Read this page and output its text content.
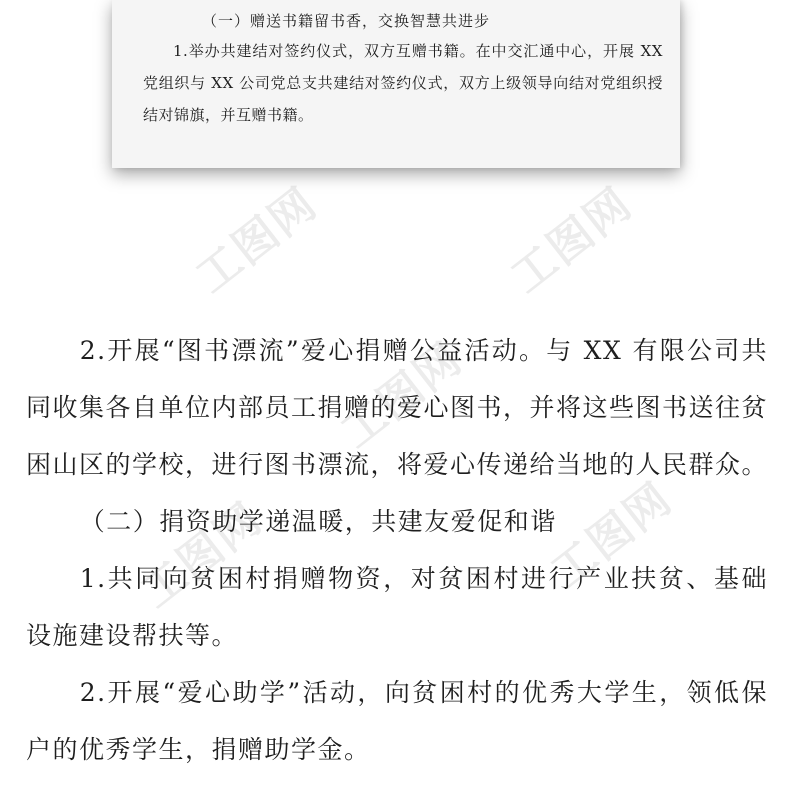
工图网	工图网
工图网
工图网
工图网
（一）赠送书籍留书香，交换智慧共进步

1.举办共建结对签约仪式，双方互赠书籍。在中交汇通中心，开展 XX 党组织与 XX 公司党总支共建结对签约仪式，双方上级领导向结对党组织授结对锦旗，并互赠书籍。

2.开展“图书漂流”爱心捐赠公益活动。与 XX 有限公司共同收集各自单位内部员工捐赠的爱心图书，并将这些图书送往贫困山区的学校，进行图书漂流，将爱心传递给当地的人民群众。

（二）捐资助学递温暖，共建友爱促和谐

1.共同向贫困村捐赠物资，对贫困村进行产业扶贫、基础设施建设帮扶等。

2.开展“爱心助学”活动，向贫困村的优秀大学生，领低保户的优秀学生，捐赠助学金。
